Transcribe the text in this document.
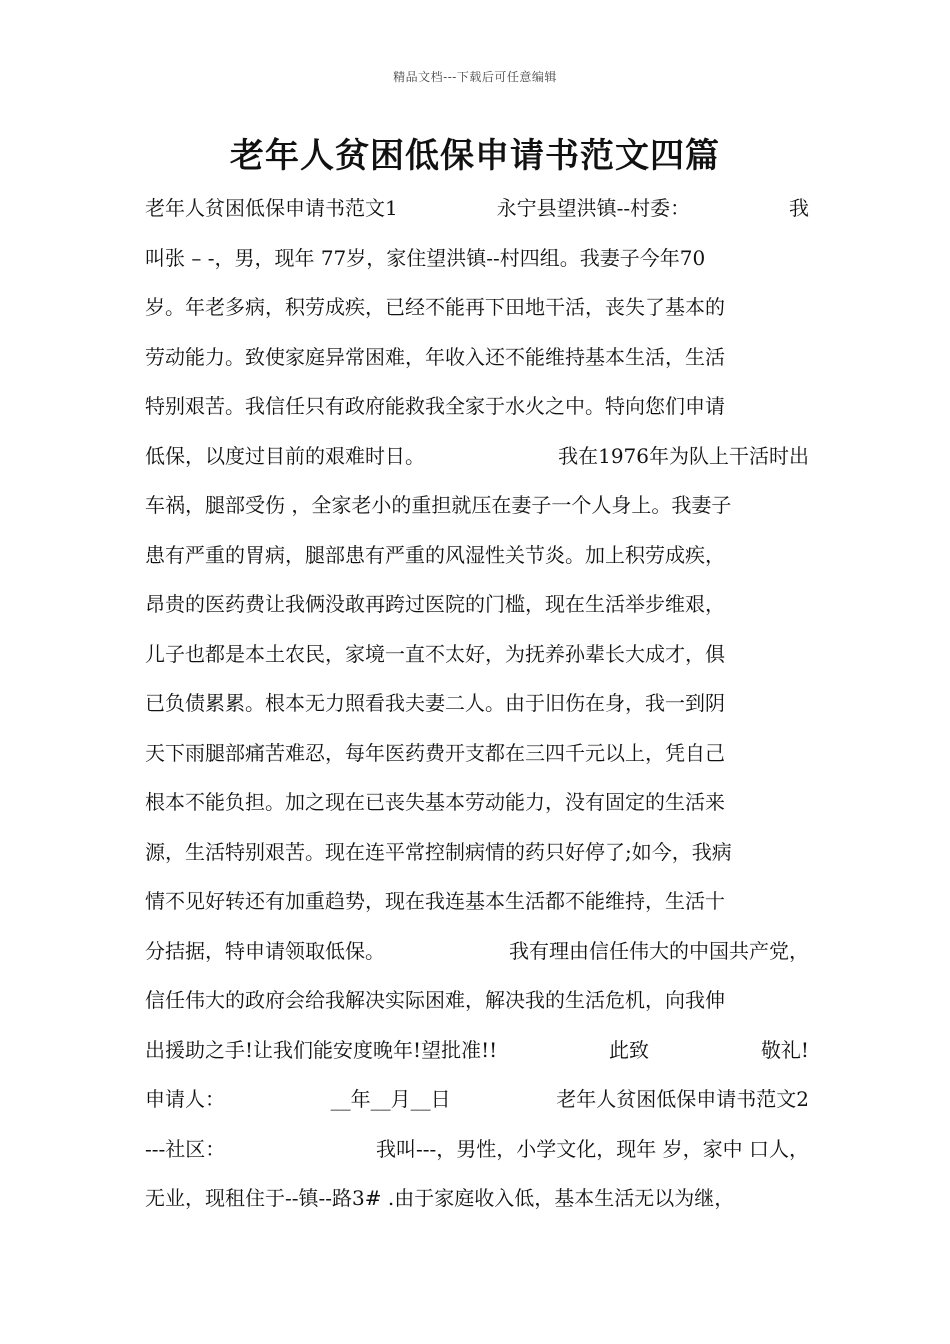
精品文档---下载后可任意编辑
老年人贫困低保申请书范文四篇
老年人贫困低保申请书范文1	永宁县望洪镇--村委：	我
叫张 – -，男，现年 77岁，家住望洪镇--村四组。我妻子今年70
岁。年老多病，积劳成疾，已经不能再下田地干活，丧失了基本的
劳动能力。致使家庭异常困难，年收入还不能维持基本生活，生活
特别艰苦。我信任只有政府能救我全家于水火之中。特向您们申请
低保，以度过目前的艰难时日。	我在1976年为队上干活时出
车祸，腿部受伤 ，全家老小的重担就压在妻子一个人身上。我妻子
患有严重的胃病，腿部患有严重的风湿性关节炎。加上积劳成疾，
昂贵的医药费让我俩没敢再跨过医院的门槛，现在生活举步维艰，
儿子也都是本土农民，家境一直不太好，为抚养孙辈长大成才，俱
已负债累累。根本无力照看我夫妻二人。由于旧伤在身，我一到阴
天下雨腿部痛苦难忍，每年医药费开支都在三四千元以上，凭自己
根本不能负担。加之现在已丧失基本劳动能力，没有固定的生活来
源，生活特别艰苦。现在连平常控制病情的药只好停了;如今，我病
情不见好转还有加重趋势，现在我连基本生活都不能维持，生活十
分拮据，特申请领取低保。	我有理由信任伟大的中国共产党，
信任伟大的政府会给我解决实际困难，解决我的生活危机，向我伸
出援助之手!让我们能安度晚年!望批准!!	此致	敬礼!
申请人：	__年__月__日	老年人贫困低保申请书范文2
---社区：	我叫---，男性，小学文化，现年 岁，家中 口人，
无业，现租住于--镇--路3# .由于家庭收入低，基本生活无以为继，
